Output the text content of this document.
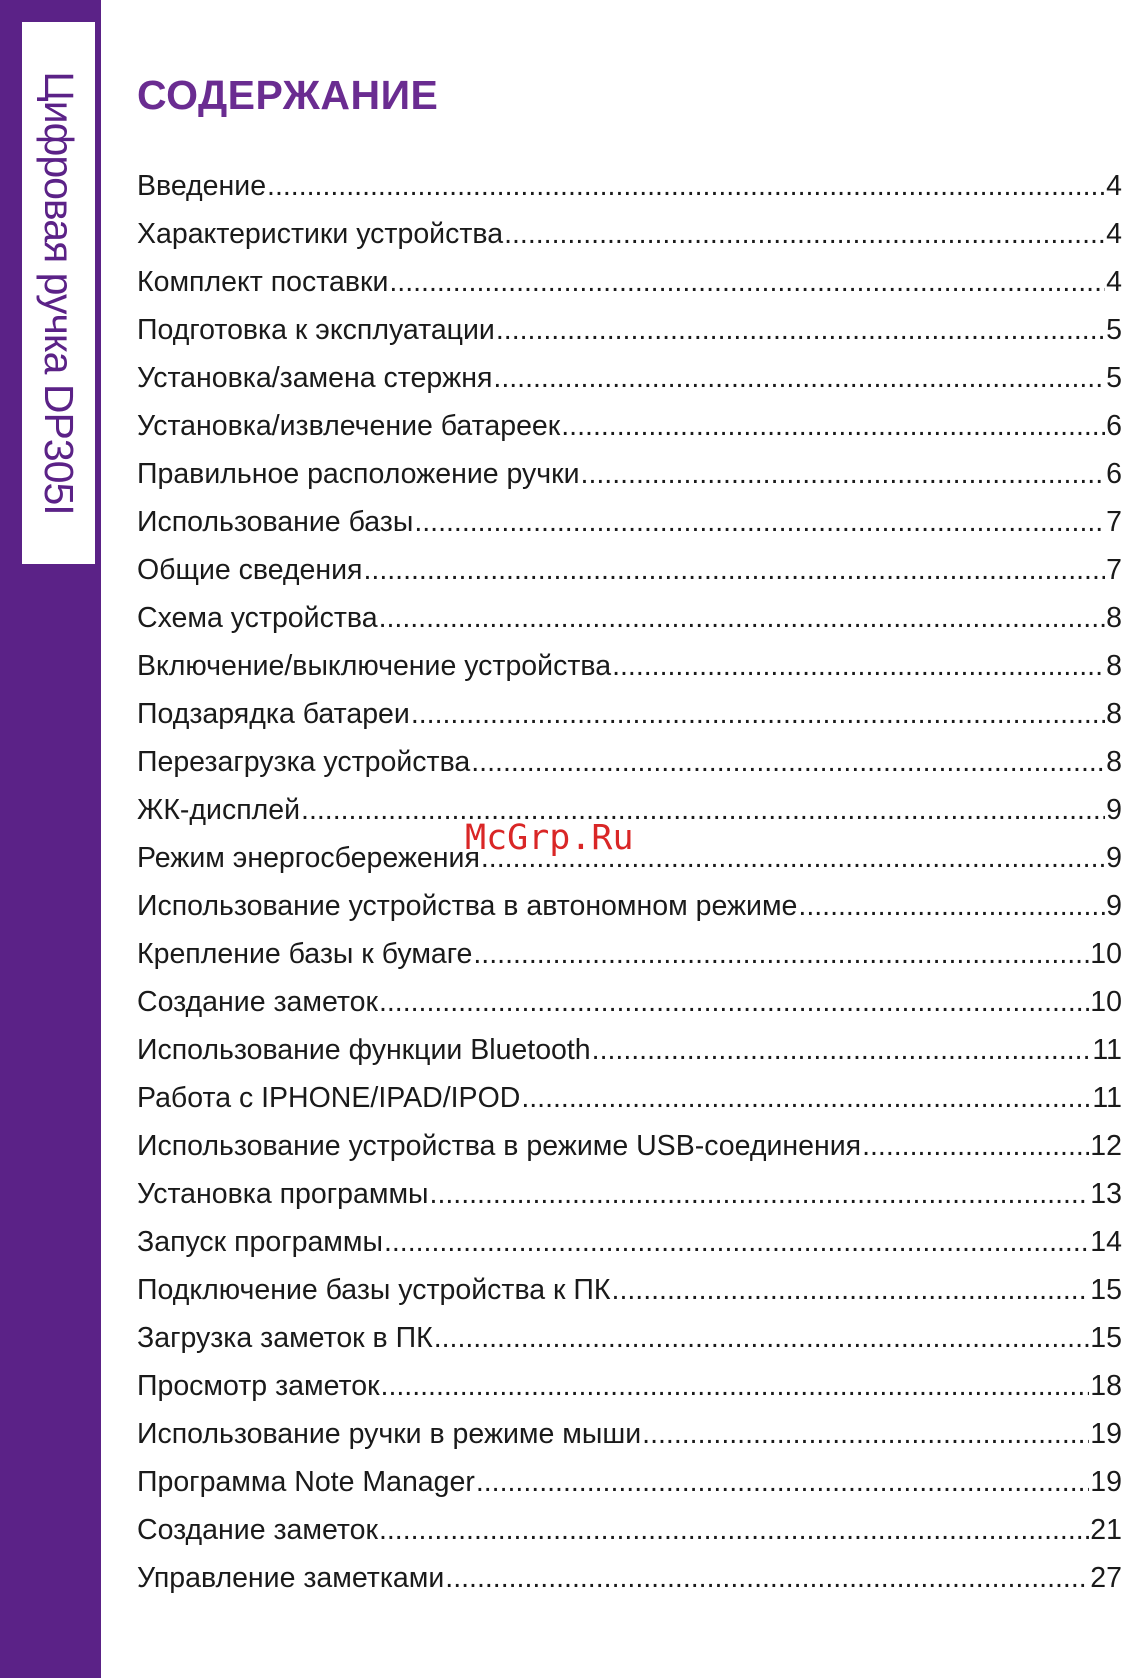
Цифровая ручка DP305I СОДЕРЖАНИЕ
Введение .....	4
Характеристики устройства .....	4
Комплект поставки .....	4
Подготовка к эксплуатации .....	5
Установка/замена стержня .....	5
Установка/извлечение батареек .....	6
Правильное расположение ручки .....	6
Использование базы .....	7
Общие сведения .....	7
Схема устройства .....	8
Включение/выключение устройства .....	8
Подзарядка батареи .....	8
Перезагрузка устройства .....	8
ЖК-дисплей .....	9
Режим энергосбережения .....	9
Использование устройства в автономном режиме .....	9
Крепление базы к бумаге .....	10
Создание заметок .....	10
Использование функции Bluetooth .....	11
Работа с IPHONE/IPAD/IPOD .....	11
Использование устройства в режиме USB-соединения .....	12
Установка программы .....	13
Запуск программы .....	14
Подключение базы устройства к ПК .....	15
Загрузка заметок в ПК .....	15
Просмотр заметок .....	18
Использование ручки в режиме мыши .....	19
Программа Note Manager .....	19
Создание заметок .....	21
Управление заметками .....	27
McGrp.Ru
